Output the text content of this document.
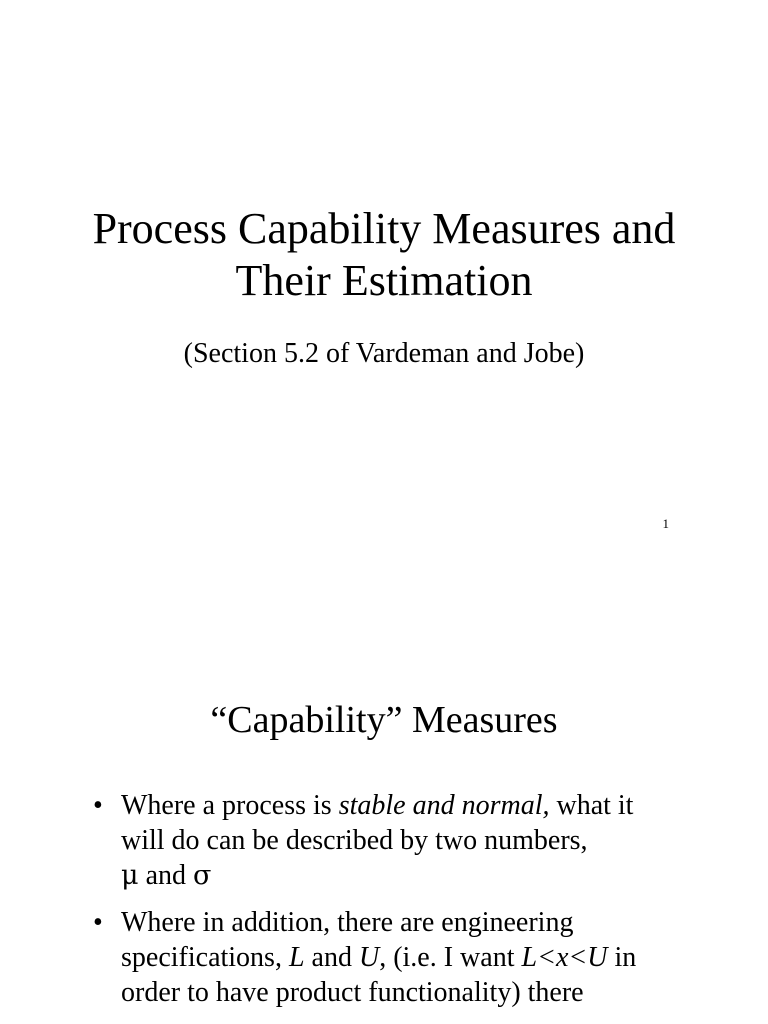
Process Capability Measures and
Their Estimation
(Section 5.2 of Vardeman and Jobe)
1
“Capability” Measures
• Where a process is stable and normal, what it will do can be described by two numbers,
μ and σ
• Where in addition, there are engineering specifications, L and U, (i.e. I want L<x<U in order to have product functionality) there
